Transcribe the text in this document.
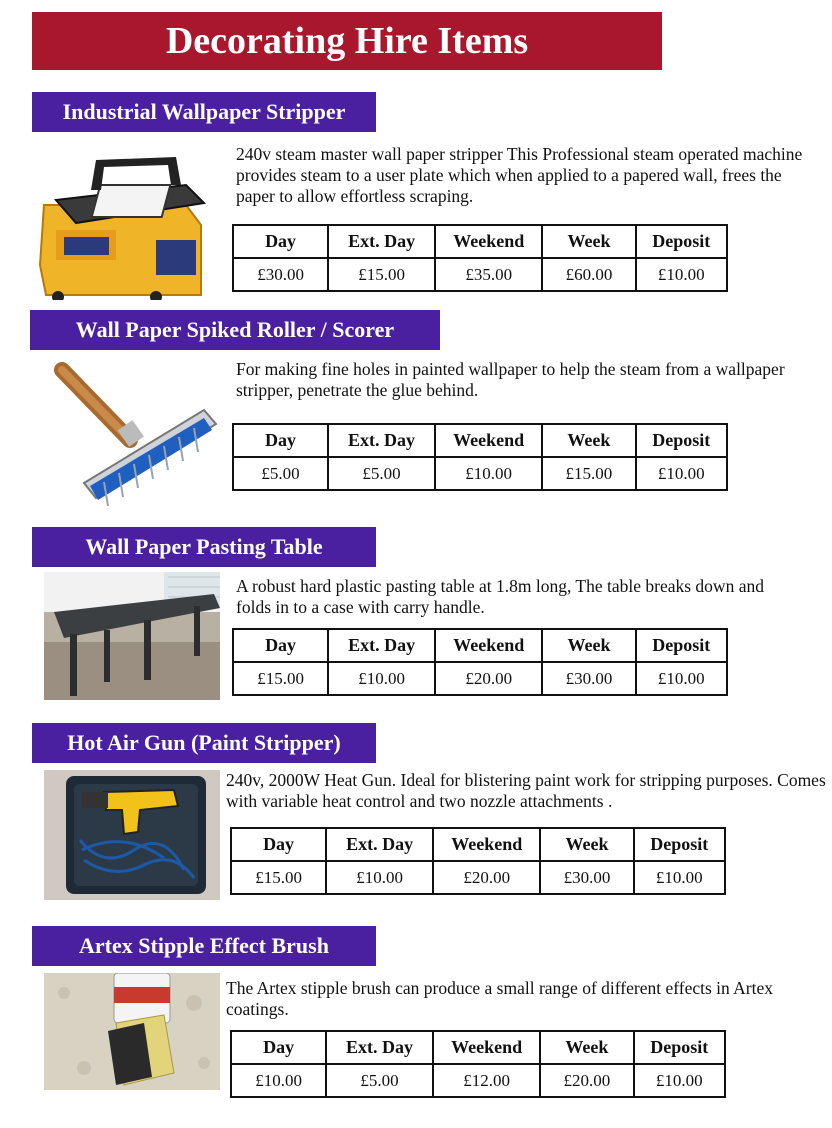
Decorating Hire Items
Industrial Wallpaper Stripper
240v steam master wall paper stripper This Professional steam operated machine provides steam to a user plate which when applied to a papered wall, frees the paper to allow effortless scraping.
Day	Ext. Day	Weekend	Week	Deposit
£30.00	£15.00	£35.00	£60.00	£10.00
Wall Paper Spiked Roller / Scorer
For making fine holes in painted wallpaper to help the steam from a wallpaper stripper, penetrate the glue behind.
Day	Ext. Day	Weekend	Week	Deposit
£5.00	£5.00	£10.00	£15.00	£10.00
Wall Paper Pasting Table
A robust hard plastic pasting table at 1.8m long, The table breaks down and folds in to a case with carry handle.
Day	Ext. Day	Weekend	Week	Deposit
£15.00	£10.00	£20.00	£30.00	£10.00
Hot Air Gun (Paint Stripper)
240v, 2000W Heat Gun. Ideal for blistering paint work for stripping purposes. Comes with variable heat control and two nozzle attachments .
Day	Ext. Day	Weekend	Week	Deposit
£15.00	£10.00	£20.00	£30.00	£10.00
Artex Stipple Effect Brush
The Artex stipple brush can produce a small range of different effects in Artex coatings.
Day	Ext. Day	Weekend	Week	Deposit
£10.00	£5.00	£12.00	£20.00	£10.00
